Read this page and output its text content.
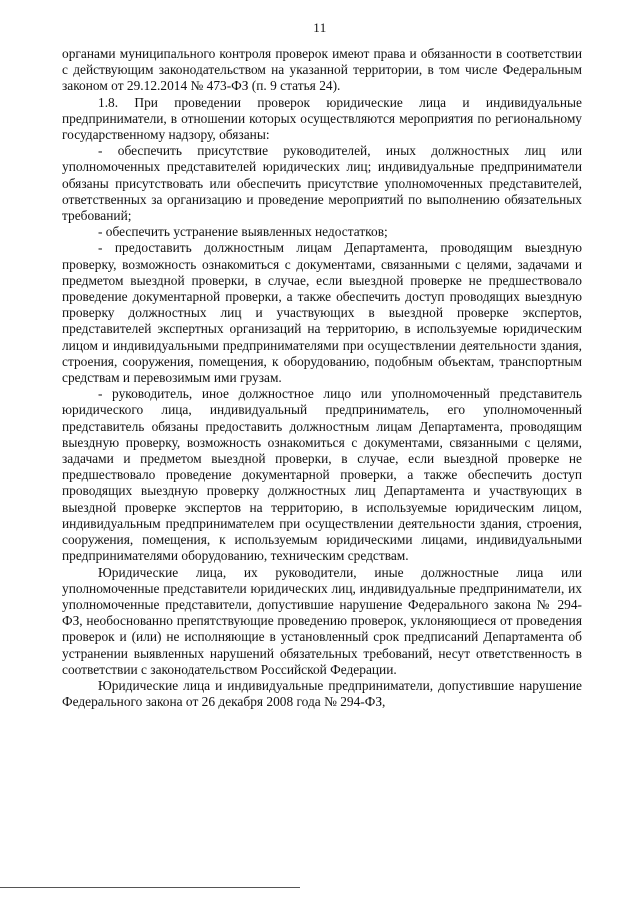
11

органами муниципального контроля проверок имеют права и обязанности в соответствии с действующим законодательством на указанной территории, в том числе Федеральным законом от 29.12.2014 № 473-ФЗ (п. 9 статья 24).

1.8. При проведении проверок юридические лица и индивидуальные предприниматели, в отношении которых осуществляются мероприятия по региональному государственному надзору, обязаны:

- обеспечить присутствие руководителей, иных должностных лиц или уполномоченных представителей юридических лиц; индивидуальные предприниматели обязаны присутствовать или обеспечить присутствие уполномоченных представителей, ответственных за организацию и проведение мероприятий по выполнению обязательных требований;

- обеспечить устранение выявленных недостатков;

- предоставить должностным лицам Департамента, проводящим выездную проверку, возможность ознакомиться с документами, связанными с целями, задачами и предметом выездной проверки, в случае, если выездной проверке не предшествовало проведение документарной проверки, а также обеспечить доступ проводящих выездную проверку должностных лиц и участвующих в выездной проверке экспертов, представителей экспертных организаций на территорию, в используемые юридическим лицом и индивидуальными предпринимателями при осуществлении деятельности здания, строения, сооружения, помещения, к оборудованию, подобным объектам, транспортным средствам и перевозимым ими грузам.

- руководитель, иное должностное лицо или уполномоченный представитель юридического лица, индивидуальный предприниматель, его уполномоченный представитель обязаны предоставить должностным лицам Департамента, проводящим выездную проверку, возможность ознакомиться с документами, связанными с целями, задачами и предметом выездной проверки, в случае, если выездной проверке не предшествовало проведение документарной проверки, а также обеспечить доступ проводящих выездную проверку должностных лиц Департамента и участвующих в выездной проверке экспертов на территорию, в используемые юридическим лицом, индивидуальным предпринимателем при осуществлении деятельности здания, строения, сооружения, помещения, к используемым юридическими лицами, индивидуальными предпринимателями оборудованию, техническим средствам.

Юридические лица, их руководители, иные должностные лица или уполномоченные представители юридических лиц, индивидуальные предприниматели, их уполномоченные представители, допустившие нарушение Федерального закона № 294-ФЗ, необоснованно препятствующие проведению проверок, уклоняющиеся от проведения проверок и (или) не исполняющие в установленный срок предписаний Департамента об устранении выявленных нарушений обязательных требований, несут ответственность в соответствии с законодательством Российской Федерации.

Юридические лица и индивидуальные предприниматели, допустившие нарушение Федерального закона от 26 декабря 2008 года № 294-ФЗ,
